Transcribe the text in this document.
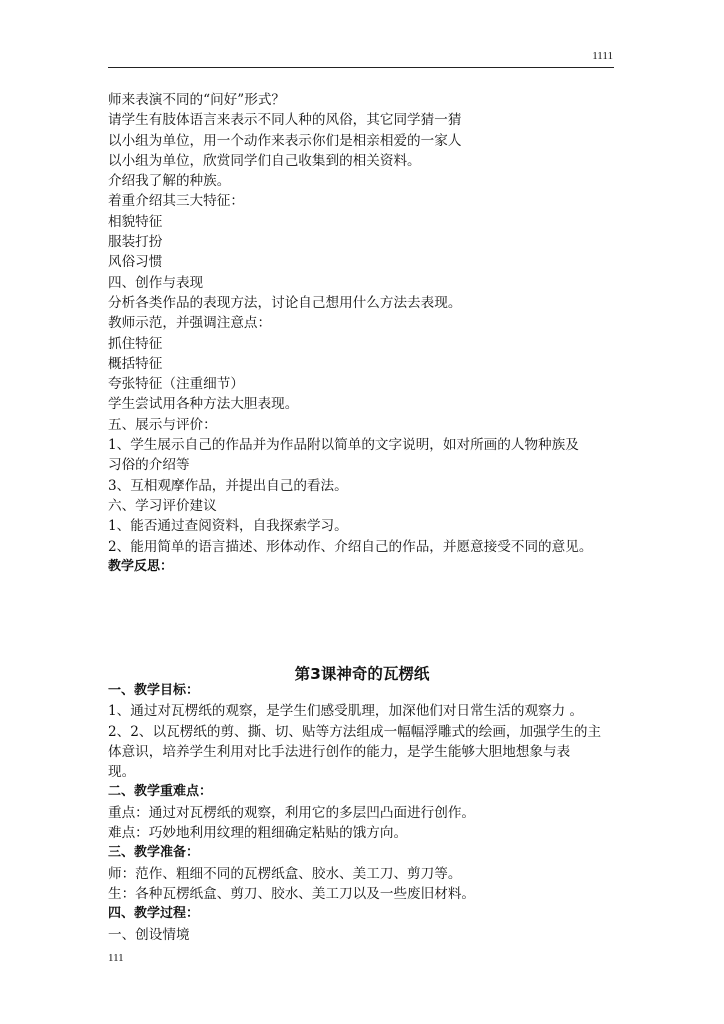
1111
师来表演不同的“问好”形式？
请学生有肢体语言来表示不同人种的风俗，其它同学猜一猜
以小组为单位，用一个动作来表示你们是相亲相爱的一家人
以小组为单位，欣赏同学们自己收集到的相关资料。
介绍我了解的种族。
着重介绍其三大特征：
相貌特征
服装打扮
风俗习惯
四、创作与表现
分析各类作品的表现方法，讨论自己想用什么方法去表现。
教师示范，并强调注意点：
抓住特征
概括特征
夸张特征（注重细节）
学生尝试用各种方法大胆表现。
五、展示与评价：
1、学生展示自己的作品并为作品附以简单的文字说明，如对所画的人物种族及
习俗的介绍等
3、互相观摩作品，并提出自己的看法。
六、学习评价建议
1、能否通过查阅资料，自我探索学习。
2、能用简单的语言描述、形体动作、介绍自己的作品，并愿意接受不同的意见。
教学反思：
第3课神奇的瓦楞纸
一、教学目标：
1、通过对瓦楞纸的观察，是学生们感受肌理，加深他们对日常生活的观察力 。
2、2、以瓦楞纸的剪、撕、切、贴等方法组成一幅幅浮雕式的绘画，加强学生的主
体意识，培养学生利用对比手法进行创作的能力，是学生能够大胆地想象与表
现。
二、教学重难点：
重点：通过对瓦楞纸的观察，利用它的多层凹凸面进行创作。
难点：巧妙地利用纹理的粗细确定粘贴的饿方向。
三、教学准备：
师：范作、粗细不同的瓦楞纸盒、胶水、美工刀、剪刀等。
生：各种瓦楞纸盒、剪刀、胶水、美工刀以及一些废旧材料。
四、教学过程：
一、创设情境
111
